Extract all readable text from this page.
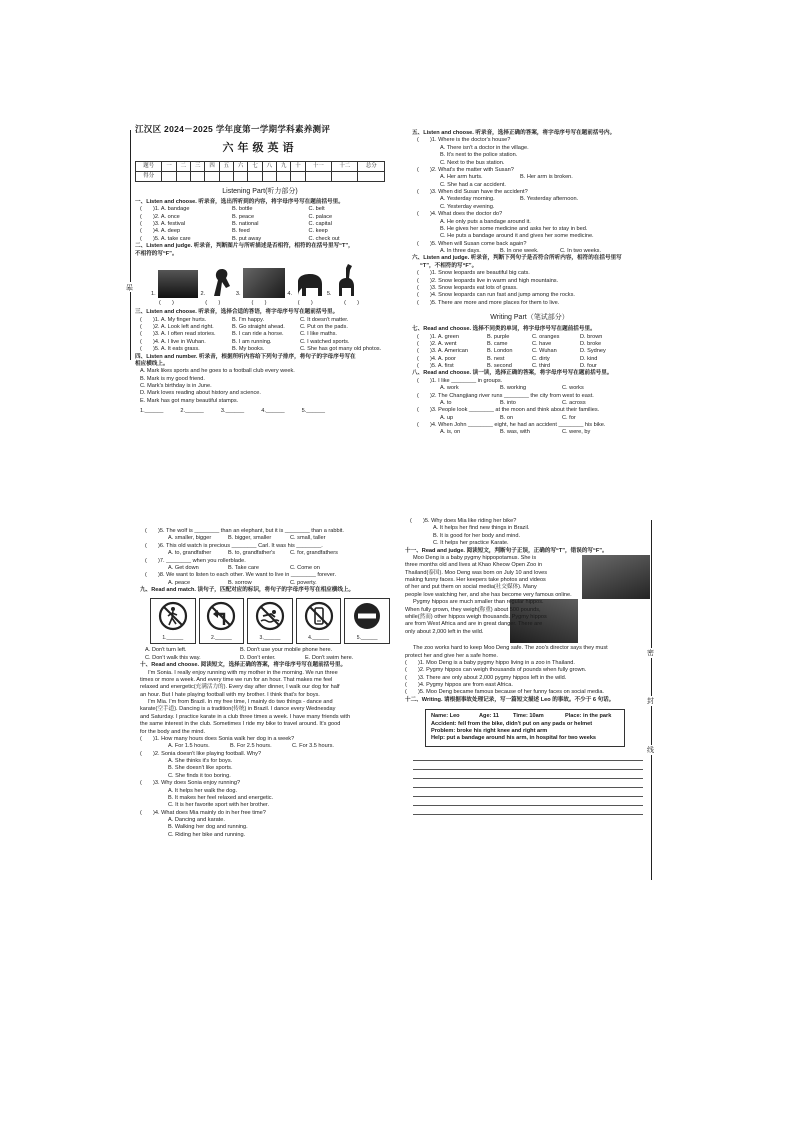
密
密
封
线
江汉区 2024－2025 学年度第一学期学科素养测评
六年级英语
题号	一	二	三	四	五	六	七	八	九	十	十一	十二	总分
得分													
Listening Part(听力部分)
一、Listen and choose. 听录音，选出所听到的内容，将字母序号写在题前括号里。
(　　)1. A. bandage	B. bottle	C. belt
(　　)2. A. once	B. peace	C. palace
(　　)3. A. festival	B. national	C. capital
(　　)4. A. deep	B. feed	C. keep
(　　)5. A. take care	B. put away	C. check out
二、Listen and judge. 听录音，判断图片与所听描述是否相符，相符的在括号里写“T”，
不相符的写“F”。
1.	2.	3.	4.	5.
(　　)	(　　)	(　　)	(　　)	(　　)
三、Listen and choose. 听录音，选择合适的答语，将字母序号写在题前括号里。
(　　)1. A. My finger hurts.	B. I'm happy.	C. It doesn't matter.
(　　)2. A. Look left and right.	B. Go straight ahead.	C. Put on the pads.
(　　)3. A. I often read stories.	B. I can ride a horse.	C. I like maths.
(　　)4. A. I live in Wuhan.	B. I am running.	C. I watched sports.
(　　)5. A. It eats grass.	B. My books.	C. She has got many old photos.
四、Listen and number. 听录音，根据所听内容给下列句子排序，将句子的字母序号写在
相应横线上。
A. Mark likes sports and he goes to a football club every week.
B. Mark is my good friend.
C. Mark's birthday is in June.
D. Mark loves reading about history and science.
E. Mark has got many beautiful stamps.
1.______	2.______	3.______	4.______	5.______
五、Listen and choose. 听录音，选择正确的答案，将字母序号写在题前括号内。
(　　)1. Where is the doctor's house?
A. There isn't a doctor in the village.
B. It's next to the police station.
C. Next to the bus station.
(　　)2. What's the matter with Susan?
A. Her arm hurts.	B. Her arm is broken.
C. She had a car accident.
(　　)3. When did Susan have the accident?
A. Yesterday morning.	B. Yesterday afternoon.
C. Yesterday evening.
(　　)4. What does the doctor do?
A. He only puts a bandage around it.
B. He gives her some medicine and asks her to stay in bed.
C. He puts a bandage around it and gives her some medicine.
(　　)5. When will Susan come back again?
A. In three days.	B. In one week.	C. In two weeks.
六、Listen and judge. 听录音，判断下列句子是否符合所听内容，相符的在括号里写
“T”，不相符的写“F”。
(　　)1. Snow leopards are beautiful big cats.
(　　)2. Snow leopards live in warm and high mountains.
(　　)3. Snow leopards eat lots of grass.
(　　)4. Snow leopards can run fast and jump among the rocks.
(　　)5. There are more and more places for them to live.
Writing Part（笔试部分）
七、Read and choose. 选择不同类的单词，将字母序号写在题前括号里。
(　　)1. A. green	B. purple	C. oranges	D. brown
(　　)2. A. went	B. came	C. have	D. broke
(　　)3. A. American	B. London	C. Wuhan	D. Sydney
(　　)4. A. poor	B. nest	C. dirty	D. kind
(　　)5. A. first	B. second	C. third	D. four
八、Read and choose. 读一读，选择正确的答案，将字母序号写在题前括号里。
(　　)1. I like ________ in groups.
A. work	B. working	C. works
(　　)2. The Changjiang river runs ________ the city from west to east.
A. to	B. into	C. across
(　　)3. People look ________ at the moon and think about their families.
A. up	B. on	C. for
(　　)4. When John ________ eight, he had an accident ________ his bike.
A. is, on	B. was, with	C. were, by
(　　)5. The wolf is ________ than an elephant, but it is ________ than a rabbit.
A. smaller, bigger	B. bigger, smaller	C. small, taller
(　　)6. This old watch is precious ________ Carl. It was his ________.
A. to, grandfather	B. to, grandfather's	C. for, grandfathers
(　　)7. ________ when you rollerblade.
A. Get down	B. Take care	C. Come on
(　　)8. We want to listen to each other. We want to live in ________ forever.
A. peace	B. sorrow	C. poverty.
九、Read and match. 读句子，匹配对应的标识，将句子的字母序号写在相应横线上。
1.______	2.______	3.______	4.______	5.______
A. Don't turn left.	B. Don't use your mobile phone here.
C. Don't walk this way.	D. Don't enter.	E. Don't swim here.
十、Read and choose. 阅读短文，选择正确的答案，将字母序号写在题前括号里。
I'm Sonia. I really enjoy running with my mother in the morning. We run three
times or more a week. And every time we run for an hour. That makes me feel
relaxed and energetic(充满活力的). Every day after dinner, I walk our dog for half
an hour. But I hate playing football with my brother. I think that's for boys.
I'm Mia. I'm from Brazil. In my free time, I mainly do two things - dance and
karate(空手道). Dancing is a tradition(传统) in Brazil. I dance every Wednesday
and Saturday. I practice karate in a club three times a week. I have many friends with
the same interest in the club. Sometimes I ride my bike to travel around. It's good
for the body and the mind.
(　　)1. How many hours does Sonia walk her dog in a week?
A. For 1.5 hours.	B. For 2.5 hours.	C. For 3.5 hours.
(　　)2. Sonia doesn't like playing football. Why?
A. She thinks it's for boys.
B. She doesn't like sports.
C. She finds it too boring.
(　　)3. Why does Sonia enjoy running?
A. It helps her walk the dog.
B. It makes her feel relaxed and energetic.
C. It is her favorite sport with her brother.
(　　)4. What does Mia mainly do in her free time?
A. Dancing and karate.
B. Walking her dog and running.
C. Riding her bike and running.
(　　)5. Why does Mia like riding her bike?
A. It helps her find new things in Brazil.
B. It is good for her body and mind.
C. It helps her practice Karate.
十一、Read and judge. 阅读短文，判断句子正误，正确的写“T”，错误的写“F”。
Moo Deng is a baby pygmy hippopotamus. She is
three months old and lives at Khao Kheow Open Zoo in
Thailand(泰国). Moo Deng was born on July 10 and loves
making funny faces. Her keepers take photos and videos
of her and put them on social media(社交媒体). Many
people love watching her, and she has become very famous online.
Pygmy hippos are much smaller than regular hippos.
When fully grown, they weigh(称重) about 500 pounds,
while(然而) other hippos weigh thousands. Pygmy hippos
are from West Africa and are in great danger. There are
only about 2,000 left in the wild.
The zoo works hard to keep Moo Deng safe. The zoo's director says they must
protect her and give her a safe home.
(　　)1. Moo Deng is a baby pygmy hippo living in a zoo in Thailand.
(　　)2. Pygmy hippos can weigh thousands of pounds when fully grown.
(　　)3. There are only about 2,000 pygmy hippos left in the wild.
(　　)4. Pygmy hippos are from east Africa.
(　　)5. Moo Deng became famous because of her funny faces on social media.
十二、Writing. 请根据事故处理记录，写一篇短文描述 Leo 的事故。不少于 6 句话。
Name: Leo	Age: 11	Time: 10am	Place: in the park
Accident: fell from the bike, didn't put on any pads or helmet
Problem: broke his right knee and right arm
Help: put a bandage around his arm, in hospital for two weeks
